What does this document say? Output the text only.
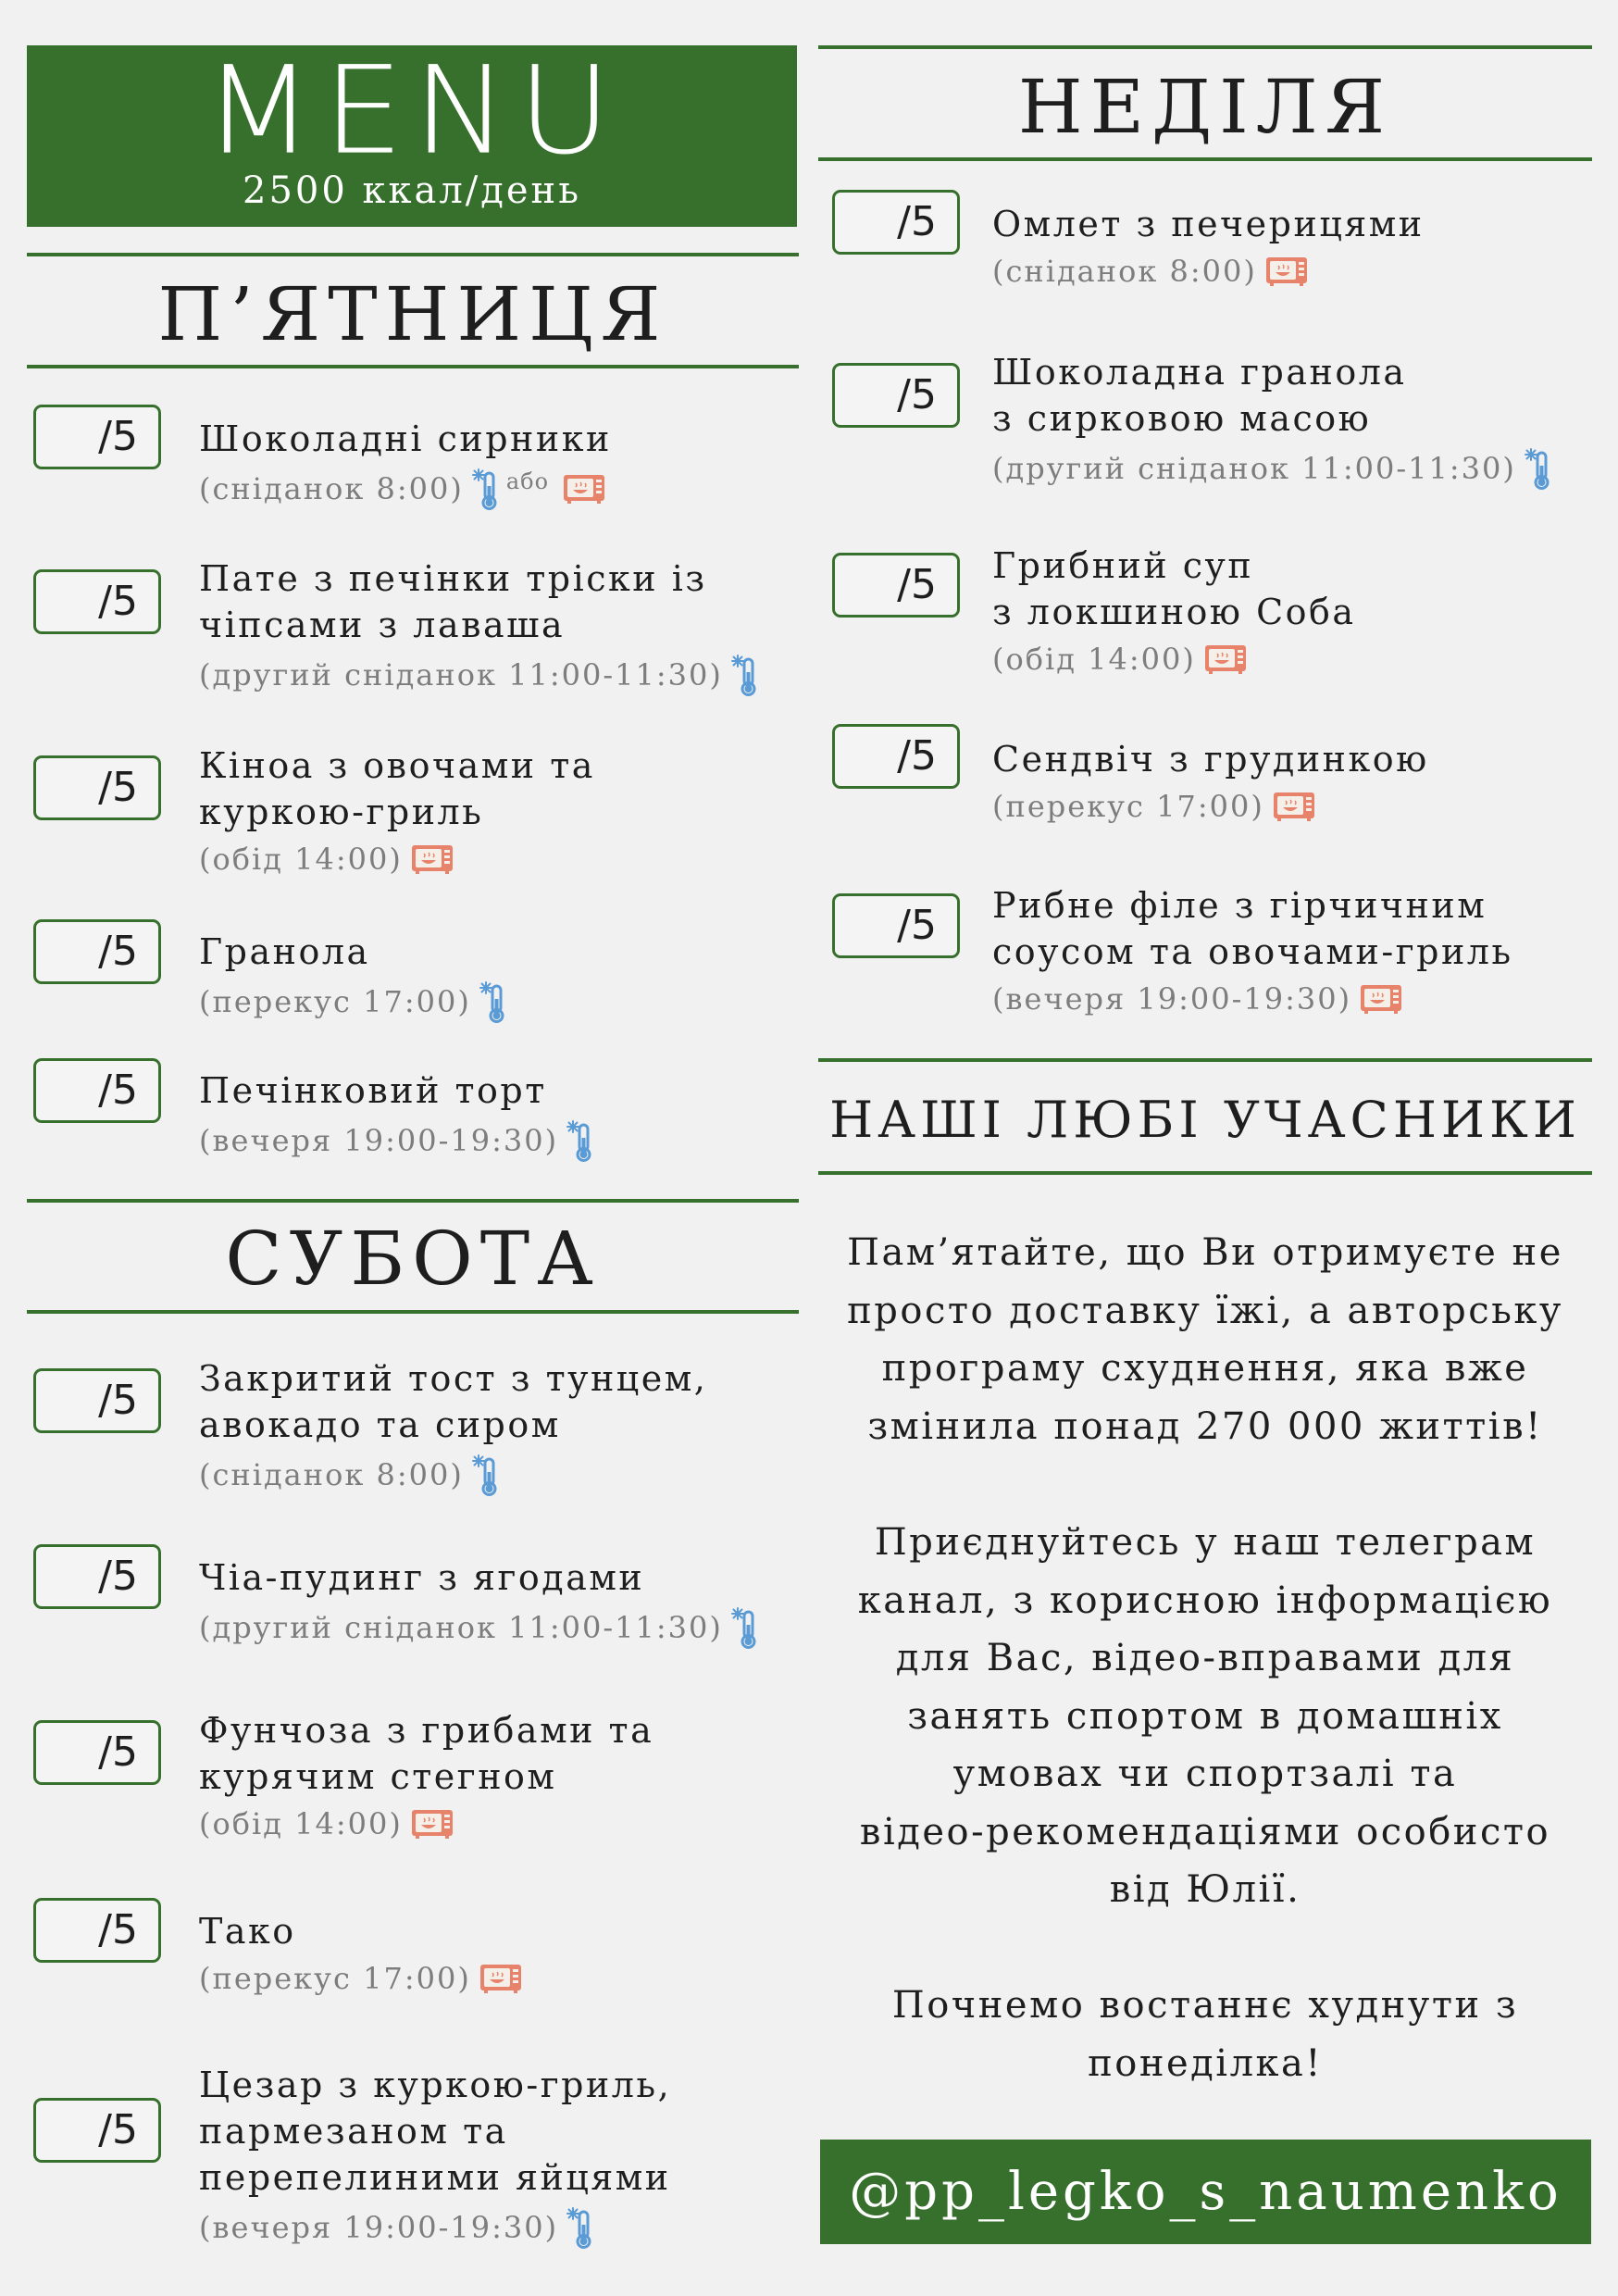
MENU
2500 ккал/день
П’ЯТНИЦЯ
СУБОТА
НЕДІЛЯ
НАШІ ЛЮБІ УЧАСНИКИ
/5	Шоколадні сирники
(сніданок 8:00) або
/5	Пате з печінки тріски із
чіпсами з лаваша
(другий сніданок 11:00-11:30)
/5	Кіноа з овочами та
куркою-гриль
(обід 14:00)
/5	Гранола
(перекус 17:00)
/5	Печінковий торт
(вечеря 19:00-19:30)
/5	Закритий тост з тунцем,
авокадо та сиром
(сніданок 8:00)
/5	Чіа-пудинг з ягодами
(другий сніданок 11:00-11:30)
/5	Фунчоза з грибами та
курячим стегном
(обід 14:00)
/5	Тако
(перекус 17:00)
/5
Цезар з куркою-гриль,
пармезаном та
перепелиними яйцями
(вечеря 19:00-19:30)
/5	Омлет з печерицями
(сніданок 8:00)
/5	Шоколадна гранола
з сирковою масою
(другий сніданок 11:00-11:30)
/5	Грибний суп
з локшиною Соба
(обід 14:00)
/5	Сендвіч з грудинкою
(перекус 17:00)
/5	Рибне філе з гірчичним
соусом та овочами-гриль
(вечеря 19:00-19:30)
Пам’ятайте, що Ви отримуєте не
просто доставку їжі, а авторську
програму схуднення, яка вже
змінила понад 270 000 життів!
Приєднуйтесь у наш телеграм
канал, з корисною інформацією
для Вас, відео-вправами для
занять спортом в домашніх
умовах чи спортзалі та
відео-рекомендаціями особисто
від Юлії.
Почнемо востаннє худнути з
понеділка!
@pp_legko_s_naumenko
